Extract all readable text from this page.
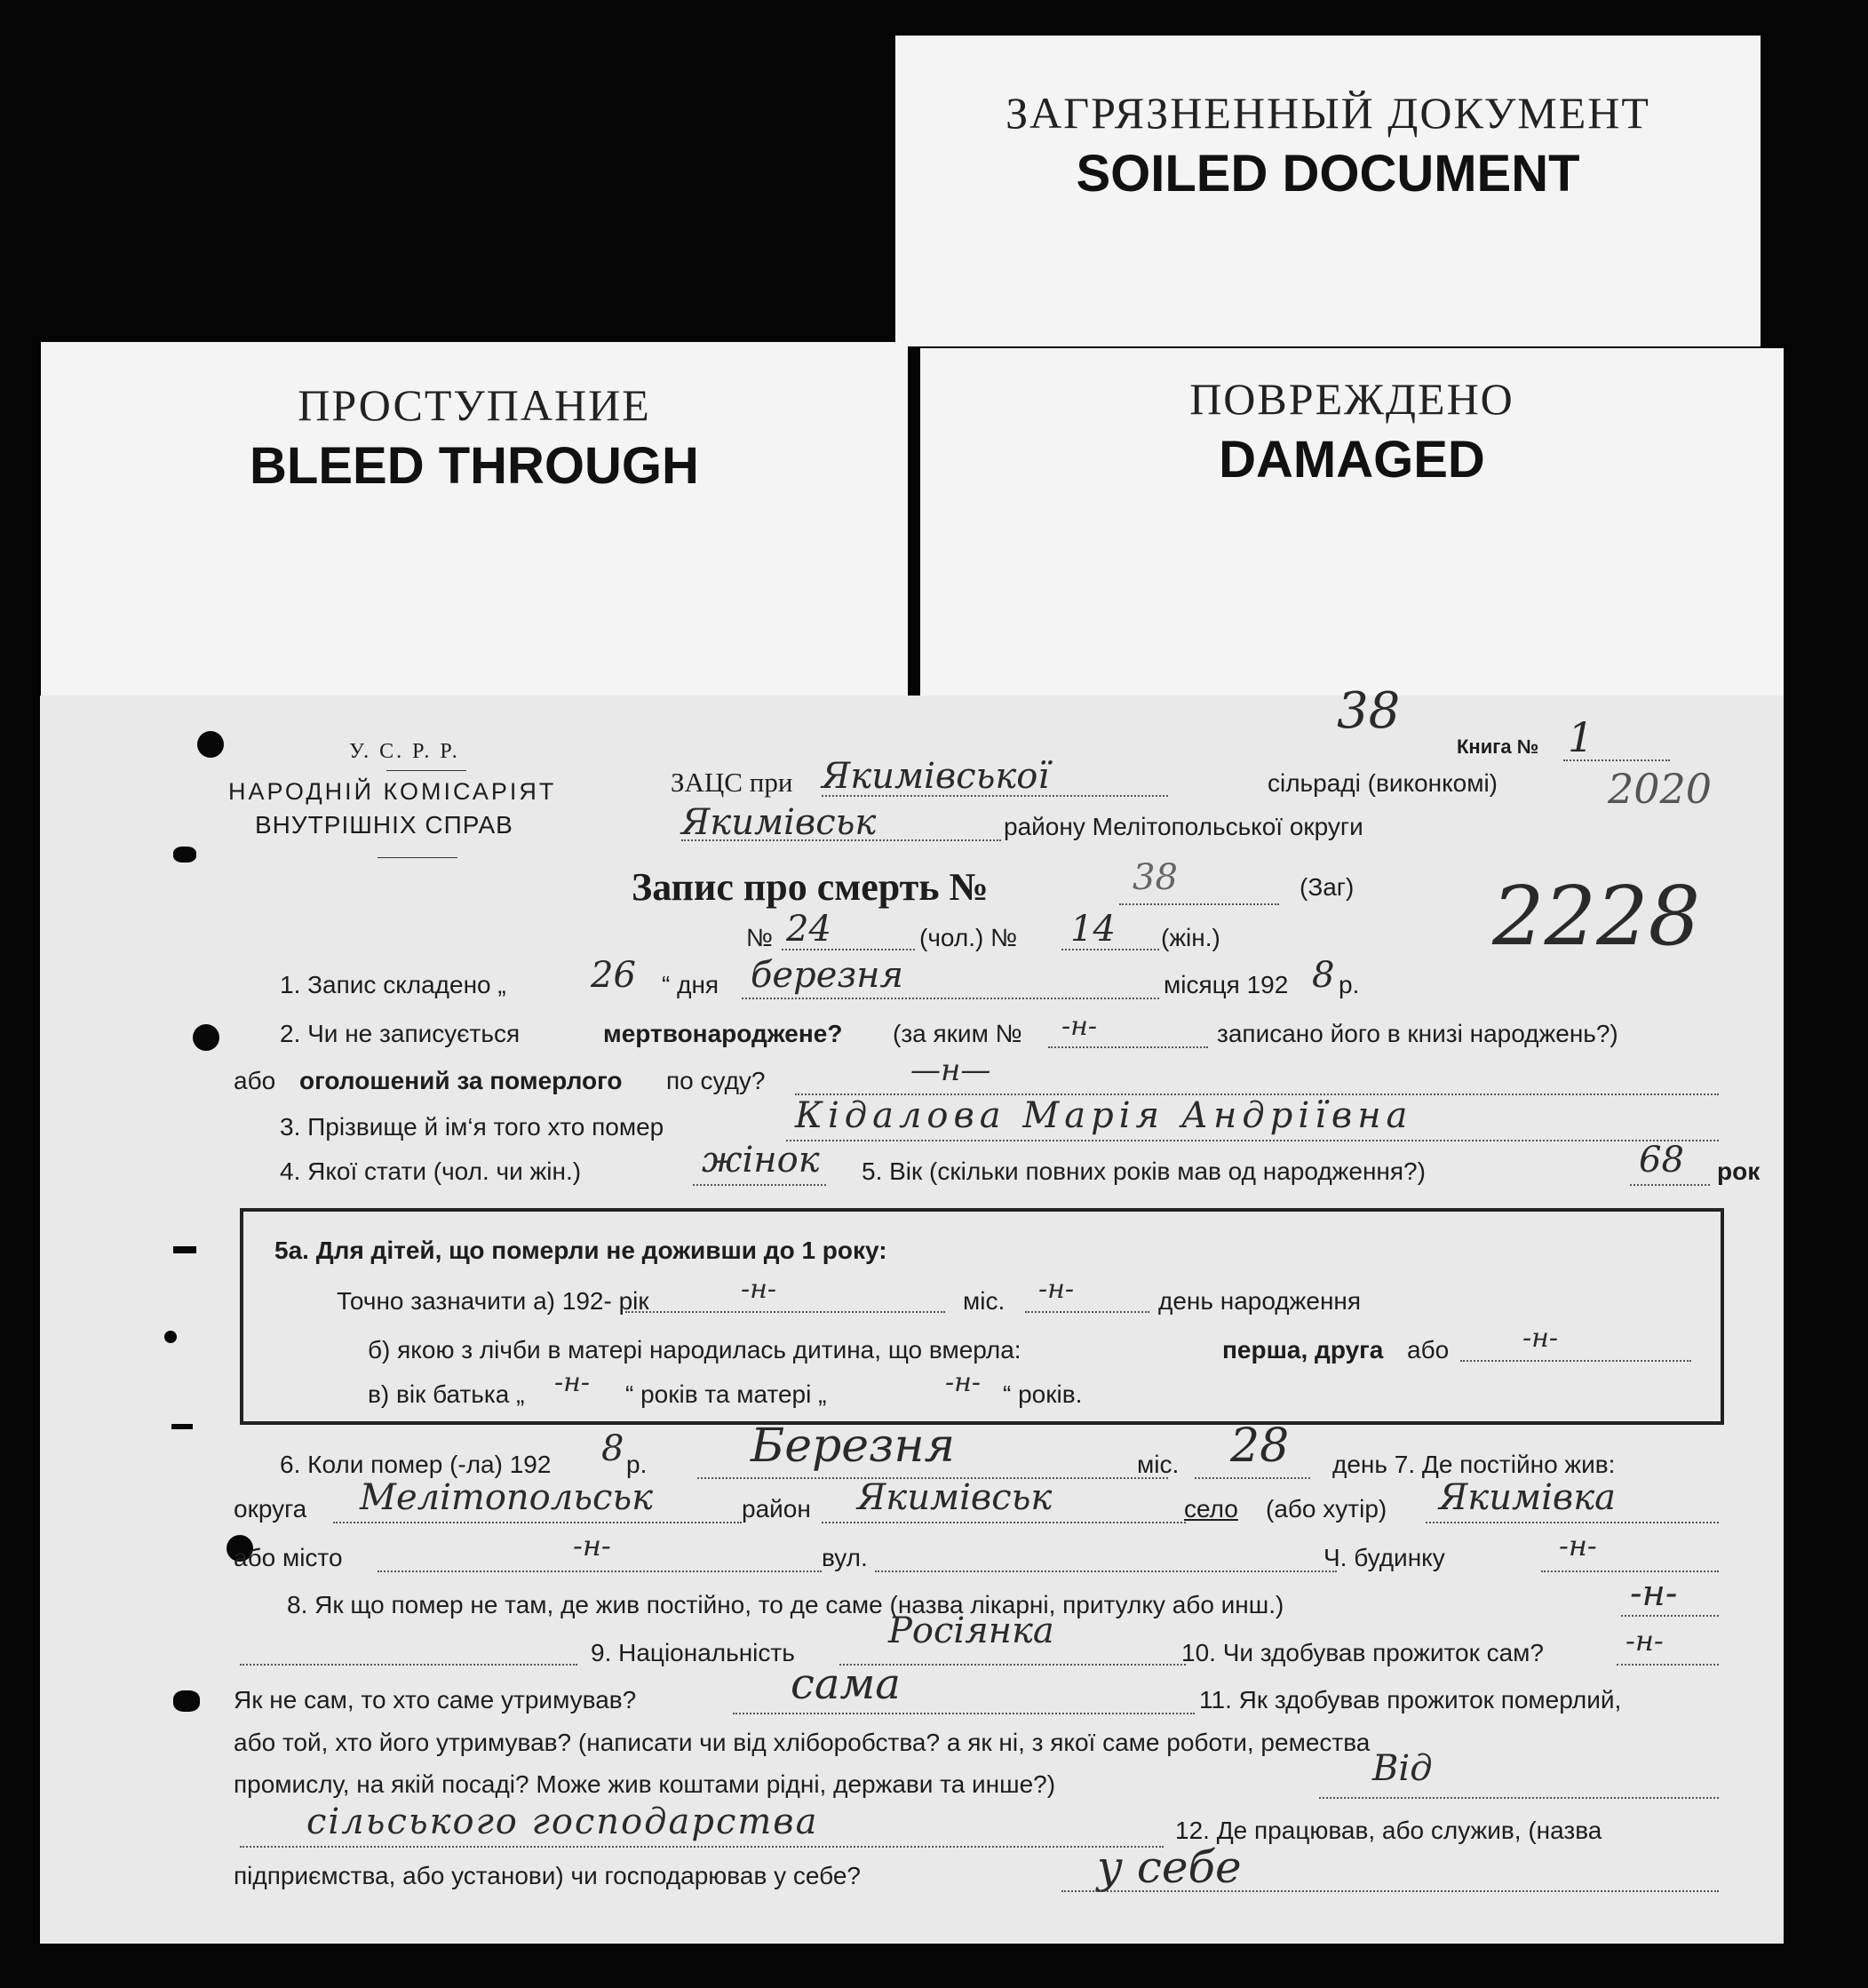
ЗАГРЯЗНЕННЫЙ ДОКУМЕНТ
SOILED DOCUMENT
ПРОСТУПАНИЕ
BLEED THROUGH
ПОВРЕЖДЕНО
DAMAGED
У. С. Р. Р.
НАРОДНІЙ КОМІСАРІЯТ
ВНУТРІШНІХ СПРАВ
ЗАЦС при Якимівської	сільраді (виконкомі)
Книга № 1
38
2020
2228
Якимівськ	району Мелітопольської округи
Запис про смерть №	38	(Заг)
№ 24	(чол.) № 14 (жін.)
1. Запис складено „ 26 “ дня березня	місяця 192 8 р.
2. Чи не записується	мертвонароджене? (за яким № -н-	записано його в книзі народжень?)
або оголошений за померлого по суду?	—н—
3. Прізвище й ім‘я того хто помер	Кідалова Марія Андріївна
4. Якої стати (чол. чи жін.)	жінок 5. Вік (скільки повних років мав од народження?)	68 рок
5а. Для дітей, що померли не доживши до 1 року:
Точно зазначити а) 192- рік	-н-	міс. -н-	день народження
б) якою з лічби в матері народилась дитина, що вмерла:	перша, друга або	-н-
в) вік батька „ -н- “ років та матері „	-н- “ років.
6. Коли помер (-ла) 192 8 р. Березня	міс. 28 день 7. Де постійно жив:
округа Мелітопольськ	район Якимівськ	село (або хутір) Якимівка
або місто	-н-	вул.	Ч. будинку	-н-
8. Як що помер не там, де жив постійно, то де саме (назва лікарні, притулку або инш.)	-н-
9. Національність
Росіянка
10. Чи здобував прожиток сам?	-н-
Як не сам, то хто саме утримував?	сама	11. Як здобував прожиток померлий,
або той, хто його утримував? (написати чи від хліборобства? а як ні, з якої саме роботи, ремества
промислу, на якій посаді? Може жив коштами рідні, держави та инше?)	Від
сільського господарства	12. Де працював, або служив, (назва
підприємства, або установи) чи господарював у себе?	у себе
